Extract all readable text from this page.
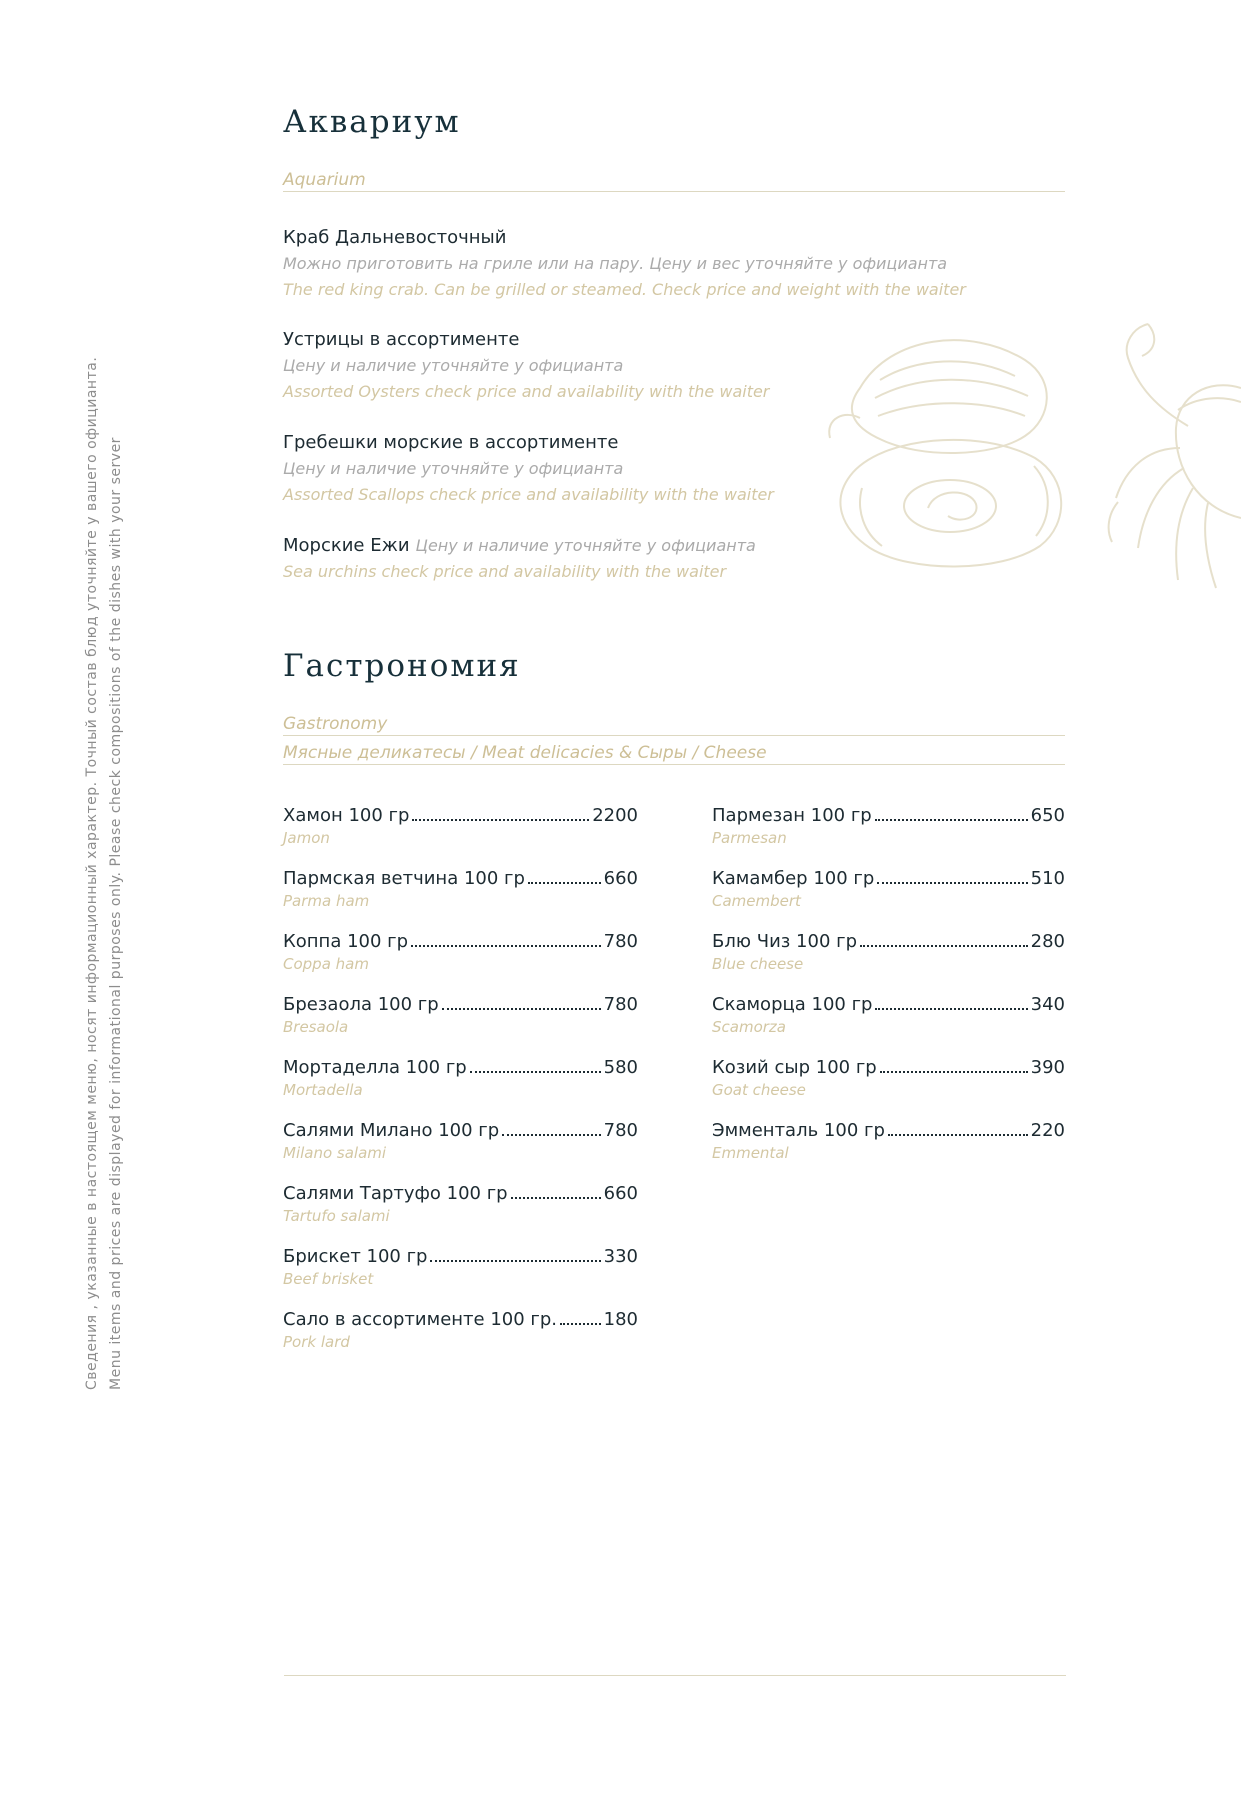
Сведения , указанные в настоящем меню, носят информационный характер. Точный состав блюд уточняйте у вашего официанта. Menu items and prices are displayed for informational purposes only. Please check compositions of the dishes with your server
Аквариум
Aquarium
Краб Дальневосточный
Можно приготовить на гриле или на пару. Цену и вес уточняйте у официанта
The red king crab. Can be grilled or steamed. Check price and weight with the waiter
Устрицы в ассортименте
Цену и наличие уточняйте у официанта
Assorted Oysters check price and availability with the waiter
Гребешки морские в ассортименте
Цену и наличие уточняйте у официанта
Assorted Scallops check price and availability with the waiter
Морские Ежи Цену и наличие уточняйте у официанта
Sea urchins check price and availability with the waiter
Гастрономия
Gastronomy
Мясные деликатесы / Meat delicacies & Сыры / Cheese
Хамон 100 гр	2200
Jamon
Пармская ветчина 100 гр	660
Parma ham
Коппа 100 гр	780
Coppa ham
Брезаола 100 гр	780
Bresaola
Мортаделла 100 гр	580
Mortadella
Салями Милано 100 гр	780
Milano salami
Салями Тартуфо 100 гр	660
Tartufo salami
Брискет 100 гр	330
Beef brisket
Сало в ассортименте 100 гр.	180
Pork lard
Пармезан 100 гр	650
Parmesan
Камамбер 100 гр	510
Camembert
Блю Чиз 100 гр	280
Blue cheese
Скаморца 100 гр	340
Scamorza
Козий сыр 100 гр	390
Goat cheese
Эмменталь 100 гр	220
Emmental
